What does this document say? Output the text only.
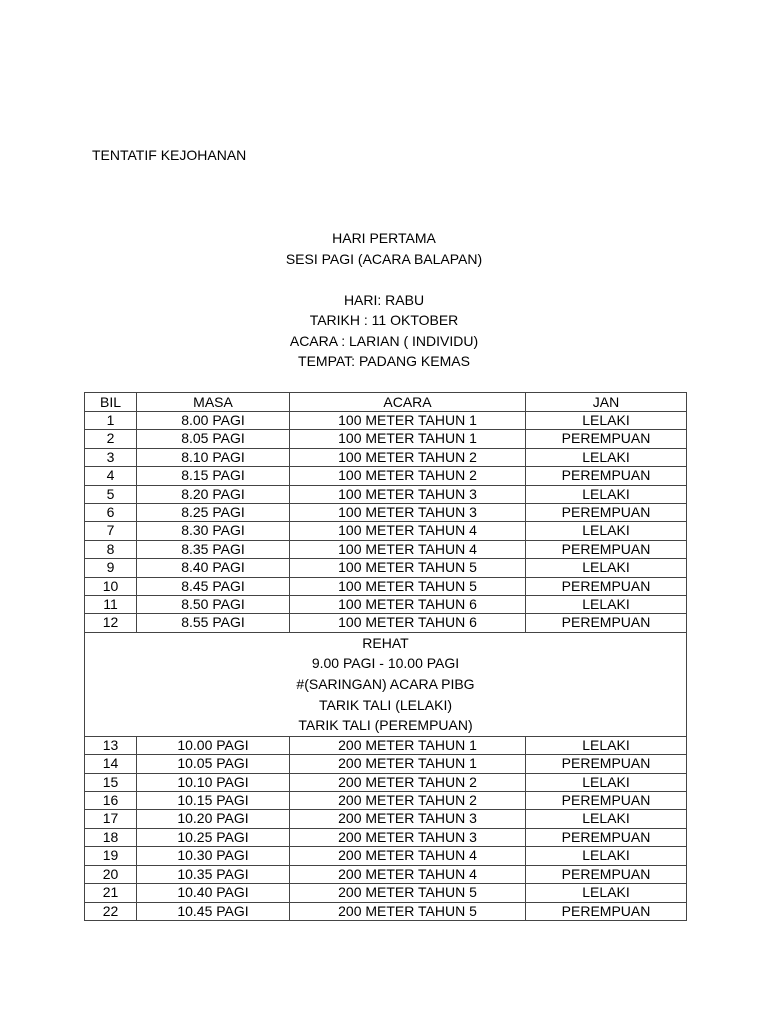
TENTATIF KEJOHANAN
HARI PERTAMA
SESI PAGI (ACARA BALAPAN)
HARI: RABU
TARIKH : 11 OKTOBER
ACARA : LARIAN ( INDIVIDU)
TEMPAT: PADANG KEMAS
BIL	MASA	ACARA	JAN
1	8.00 PAGI	100 METER TAHUN 1	LELAKI
2	8.05 PAGI	100 METER TAHUN 1	PEREMPUAN
3	8.10 PAGI	100 METER TAHUN 2	LELAKI
4	8.15 PAGI	100 METER TAHUN 2	PEREMPUAN
5	8.20 PAGI	100 METER TAHUN 3	LELAKI
6	8.25 PAGI	100 METER TAHUN 3	PEREMPUAN
7	8.30 PAGI	100 METER TAHUN 4	LELAKI
8	8.35 PAGI	100 METER TAHUN 4	PEREMPUAN
9	8.40 PAGI	100 METER TAHUN 5	LELAKI
10	8.45 PAGI	100 METER TAHUN 5	PEREMPUAN
11	8.50 PAGI	100 METER TAHUN 6	LELAKI
12	8.55 PAGI	100 METER TAHUN 6	PEREMPUAN

REHAT
9.00 PAGI - 10.00 PAGI
#(SARINGAN) ACARA PIBG
TARIK TALI (LELAKI)
TARIK TALI (PEREMPUAN)			

13	10.00 PAGI	200 METER TAHUN 1	LELAKI
14	10.05 PAGI	200 METER TAHUN 1	PEREMPUAN
15	10.10 PAGI	200 METER TAHUN 2	LELAKI
16	10.15 PAGI	200 METER TAHUN 2	PEREMPUAN
17	10.20 PAGI	200 METER TAHUN 3	LELAKI
18	10.25 PAGI	200 METER TAHUN 3	PEREMPUAN
19	10.30 PAGI	200 METER TAHUN 4	LELAKI
20	10.35 PAGI	200 METER TAHUN 4	PEREMPUAN
21	10.40 PAGI	200 METER TAHUN 5	LELAKI
22	10.45 PAGI	200 METER TAHUN 5	PEREMPUAN
